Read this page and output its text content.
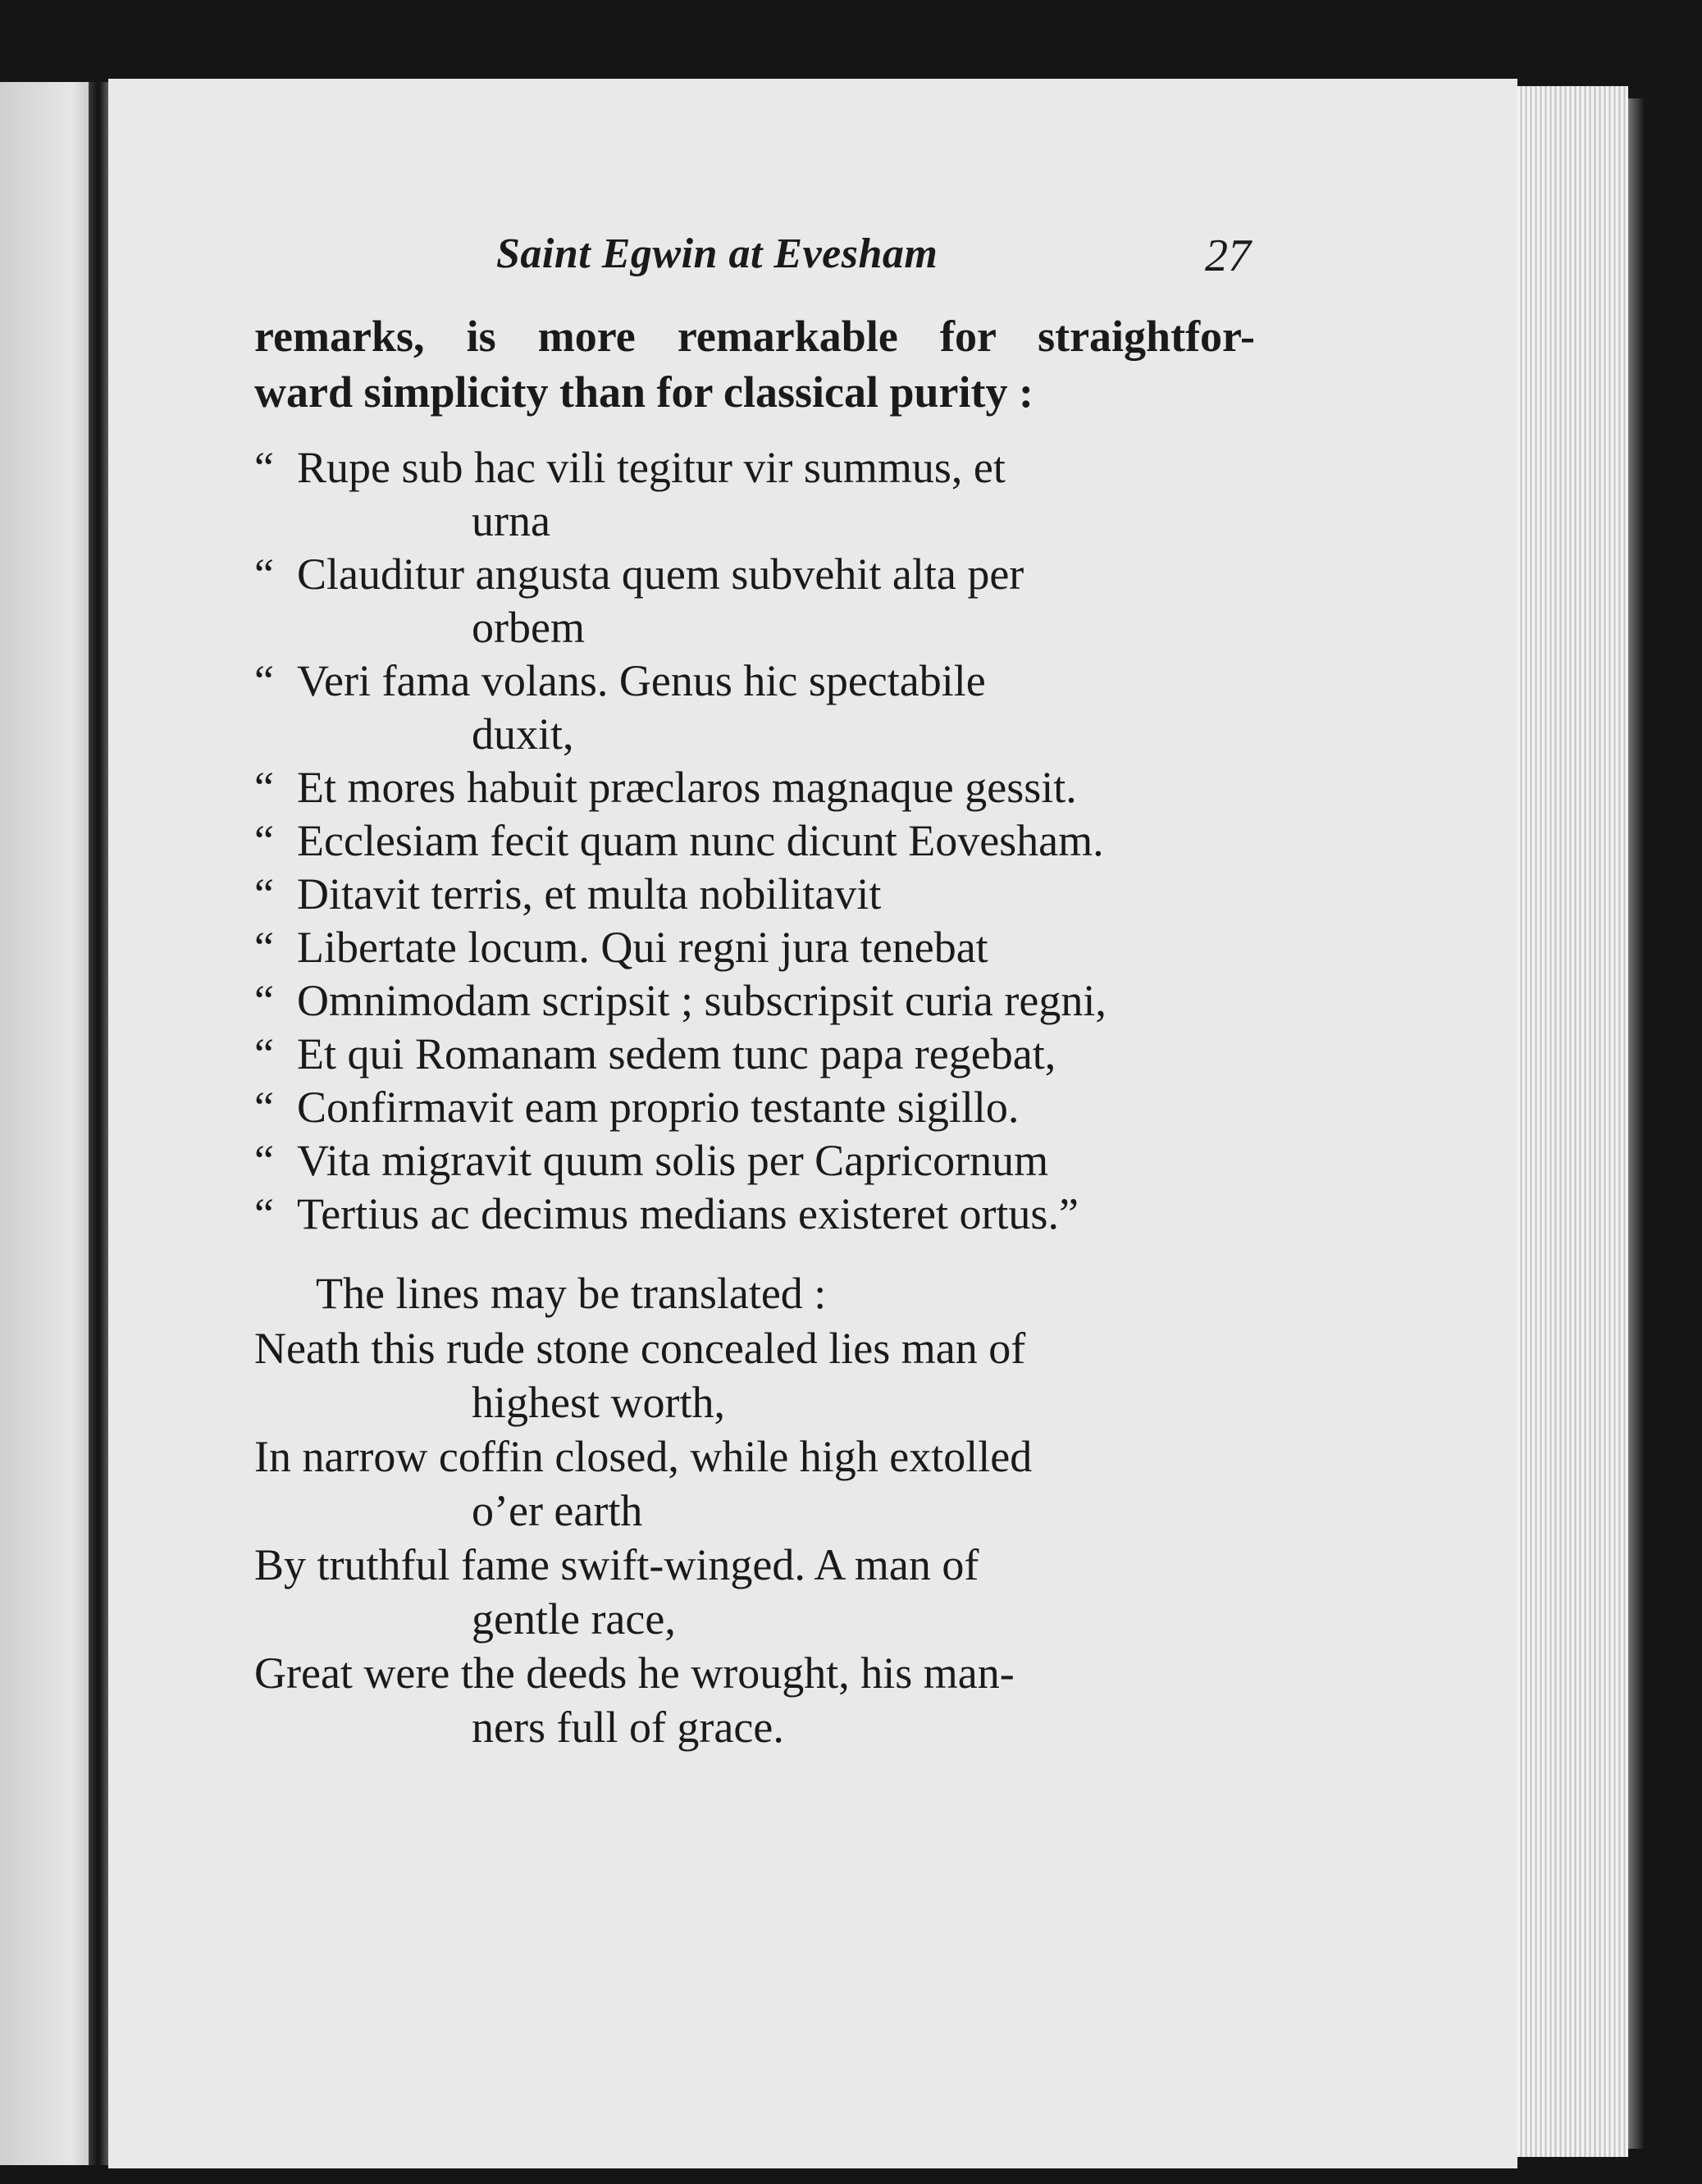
Saint Egwin at Evesham	27

remarks, is more remarkable for straightfor-
ward simplicity than for classical purity :

“ Rupe sub hac vili tegitur vir summus, et
urna
“ Clauditur angusta quem subvehit alta per
orbem
“ Veri fama volans. Genus hic spectabile
duxit,
“ Et mores habuit præclaros magnaque gessit.
“ Ecclesiam fecit quam nunc dicunt Eovesham.
“ Ditavit terris, et multa nobilitavit
“ Libertate locum. Qui regni jura tenebat
“ Omnimodam scripsit ; subscripsit curia regni,
“ Et qui Romanam sedem tunc papa regebat,
“ Confirmavit eam proprio testante sigillo.
“ Vita migravit quum solis per Capricornum
“ Tertius ac decimus medians existeret ortus.”
The lines may be translated :
Neath this rude stone concealed lies man of
highest worth,
In narrow coffin closed, while high extolled
o’er earth
By truthful fame swift-winged. A man of
gentle race,
Great were the deeds he wrought, his man-
ners full of grace.
